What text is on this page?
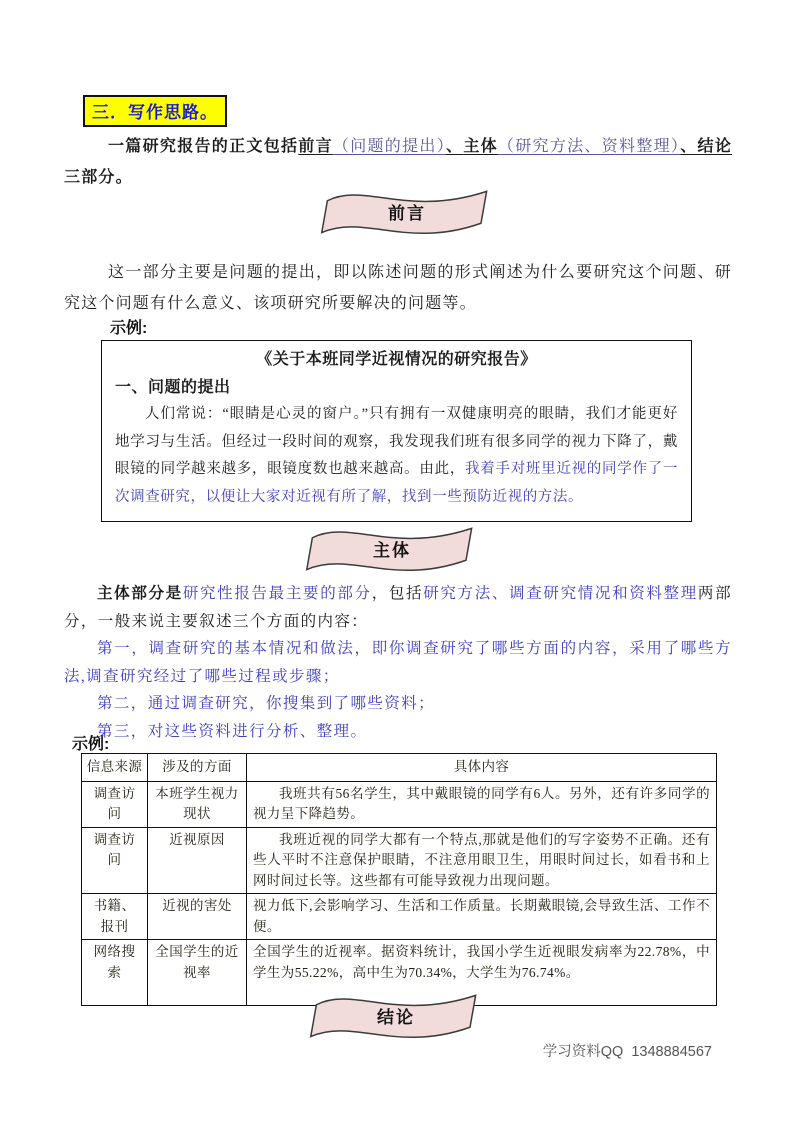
三．写作思路。
一篇研究报告的正文包括前言（问题的提出）、主体（研究方法、资料整理）、结论三部分。
前言
这一部分主要是问题的提出，即以陈述问题的形式阐述为什么要研究这个问题、研究这个问题有什么意义、该项研究所要解决的问题等。
示例:
《关于本班同学近视情况的研究报告》
一、问题的提出
人们常说：“眼睛是心灵的窗户。”只有拥有一双健康明亮的眼睛，我们才能更好地学习与生活。但经过一段时间的观察，我发现我们班有很多同学的视力下降了，戴眼镜的同学越来越多，眼镜度数也越来越高。由此，我着手对班里近视的同学作了一次调查研究，以便让大家对近视有所了解，找到一些预防近视的方法。
主体

主体部分是研究性报告最主要的部分，包括研究方法、调查研究情况和资料整理两部分，一般来说主要叙述三个方面的内容：

第一，调查研究的基本情况和做法，即你调查研究了哪些方面的内容，采用了哪些方法,调查研究经过了哪些过程或步骤；

第二，通过调查研究，你搜集到了哪些资料；

第三，对这些资料进行分析、整理。

示例:
信息来源	涉及的方面	具体内容
调查访问	本班学生视力现状	我班共有56名学生，其中戴眼镜的同学有6人。另外，还有许多同学的视力呈下降趋势。
调查访问	近视原因	我班近视的同学大都有一个特点,那就是他们的写字姿势不正确。还有些人平时不注意保护眼睛，不注意用眼卫生，用眼时间过长，如看书和上网时间过长等。这些都有可能导致视力出现问题。
书籍、报刊	近视的害处	视力低下,会影响学习、生活和工作质量。长期戴眼镜,会导致生活、工作不便。
网络搜索	全国学生的近视率	全国学生的近视率。据资料统计，我国小学生近视眼发病率为22.78%，中学生为55.22%，高中生为70.34%，大学生为76.74%。
结论
学习资料QQ  1348884567
